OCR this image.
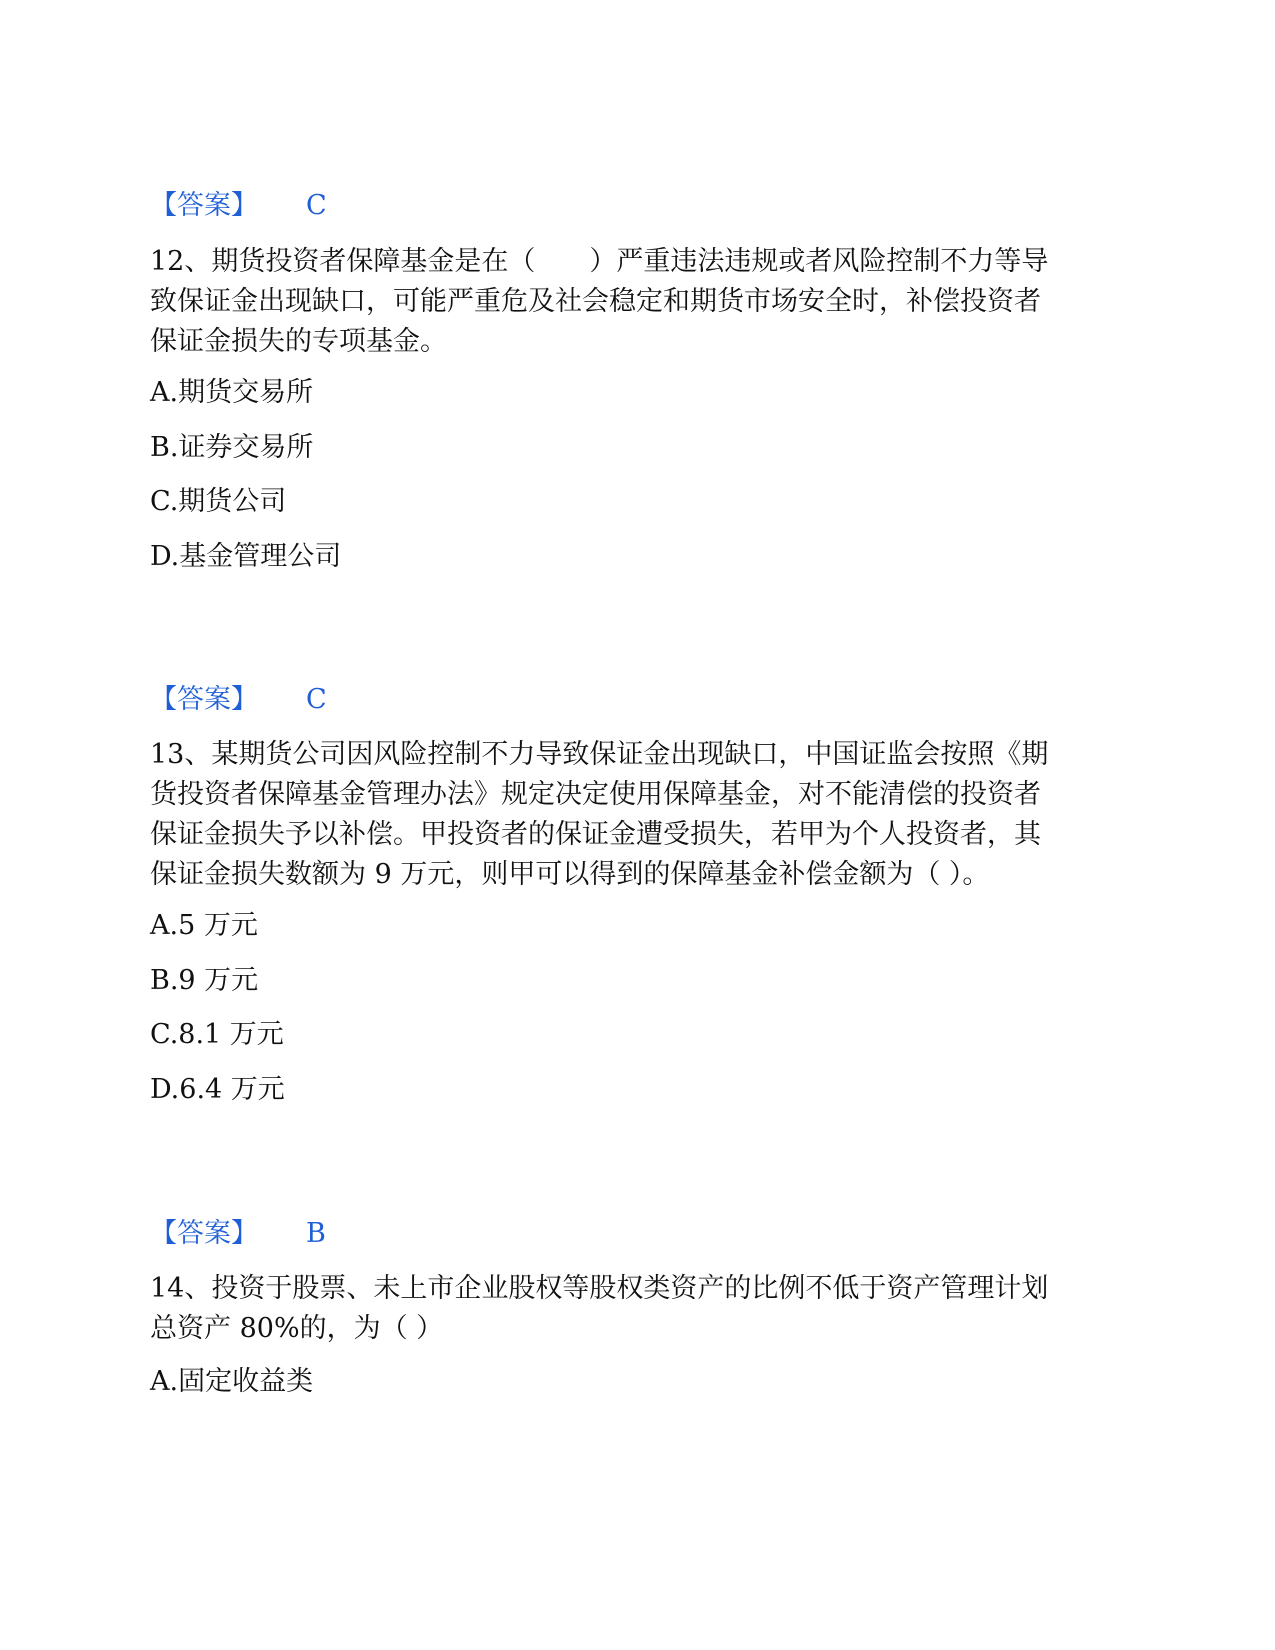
【答案】 C

12、期货投资者保障基金是在（　　）严重违法违规或者风险控制不力等导

致保证金出现缺口，可能严重危及社会稳定和期货市场安全时，补偿投资者

保证金损失的专项基金。

A.期货交易所
B.证券交易所
C.期货公司
D.基金管理公司
【答案】 C

13、某期货公司因风险控制不力导致保证金出现缺口，中国证监会按照《期

货投资者保障基金管理办法》规定决定使用保障基金，对不能清偿的投资者

保证金损失予以补偿。甲投资者的保证金遭受损失，若甲为个人投资者，其

保证金损失数额为 9 万元，则甲可以得到的保障基金补偿金额为（ ）。

A.5 万元
B.9 万元
C.8.1 万元
D.6.4 万元
【答案】 B

14、投资于股票、未上市企业股权等股权类资产的比例不低于资产管理计划

总资产 80%的，为（ ）

A.固定收益类
